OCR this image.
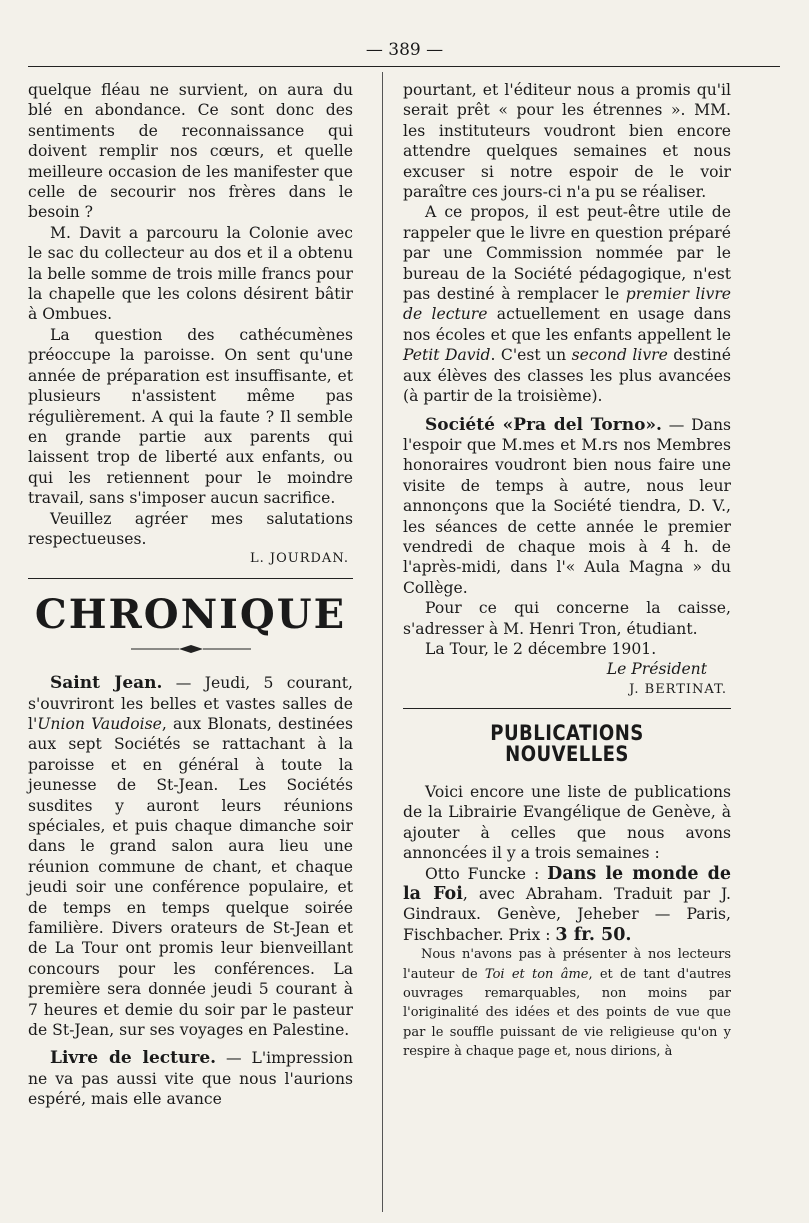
— 389 —

quelque fléau ne survient, on aura du blé en abondance. Ce sont donc des sentiments de reconnaissance qui doivent remplir nos cœurs, et quelle meilleure occasion de les manifester que celle de secourir nos frères dans le besoin ?

M. Davit a parcouru la Colonie avec le sac du collecteur au dos et il a obtenu la belle somme de trois mille francs pour la chapelle que les colons désirent bâtir à Ombues.

La question des cathécumènes préoccupe la paroisse. On sent qu'une année de préparation est insuffisante, et plusieurs n'assistent même pas régulièrement. A qui la faute ? Il semble en grande partie aux parents qui laissent trop de liberté aux enfants, ou qui les retiennent pour le moindre travail, sans s'imposer aucun sacrifice.

Veuillez agréer mes salutations respectueuses.

L. JOURDAN.

CHRONIQUE

Saint Jean. — Jeudi, 5 courant, s'ouvriront les belles et vastes salles de l'Union Vaudoise, aux Blonats, destinées aux sept Sociétés se rattachant à la paroisse et en général à toute la jeunesse de St-Jean. Les Sociétés susdites y auront leurs réunions spéciales, et puis chaque dimanche soir dans le grand salon aura lieu une réunion commune de chant, et chaque jeudi soir une conférence populaire, et de temps en temps quelque soirée familière. Divers orateurs de St-Jean et de La Tour ont promis leur bienveillant concours pour les conférences. La première sera donnée jeudi 5 courant à 7 heures et demie du soir par le pasteur de St-Jean, sur ses voyages en Palestine.

Livre de lecture. — L'impression ne va pas aussi vite que nous l'aurions espéré, mais elle avance

pourtant, et l'éditeur nous a promis qu'il serait prêt « pour les étrennes ». MM. les instituteurs voudront bien encore attendre quelques semaines et nous excuser si notre espoir de le voir paraître ces jours-ci n'a pu se réaliser.

A ce propos, il est peut-être utile de rappeler que le livre en question préparé par une Commission nommée par le bureau de la Société pédagogique, n'est pas destiné à remplacer le premier livre de lecture actuellement en usage dans nos écoles et que les enfants appellent le Petit David. C'est un second livre destiné aux élèves des classes les plus avancées (à partir de la troisième).

Société «Pra del Torno». — Dans l'espoir que M.mes et M.rs nos Membres honoraires voudront bien nous faire une visite de temps à autre, nous leur annonçons que la Société tiendra, D. V., les séances de cette année le premier vendredi de chaque mois à 4 h. de l'après-midi, dans l'« Aula Magna » du Collège.

Pour ce qui concerne la caisse, s'adresser à M. Henri Tron, étudiant.

La Tour, le 2 décembre 1901.

Le Président

J. BERTINAT.

PUBLICATIONS NOUVELLES

Voici encore une liste de publications de la Librairie Evangélique de Genève, à ajouter à celles que nous avons annoncées il y a trois semaines :

Otto Funcke : Dans le monde de la Foi, avec Abraham. Traduit par J. Gindraux. Genève, Jeheber — Paris, Fischbacher. Prix : 3 fr. 50.

Nous n'avons pas à présenter à nos lecteurs l'auteur de Toi et ton âme, et de tant d'autres ouvrages remarquables, non moins par l'originalité des idées et des points de vue que par le souffle puissant de vie religieuse qu'on y respire à chaque page et, nous dirions, à
